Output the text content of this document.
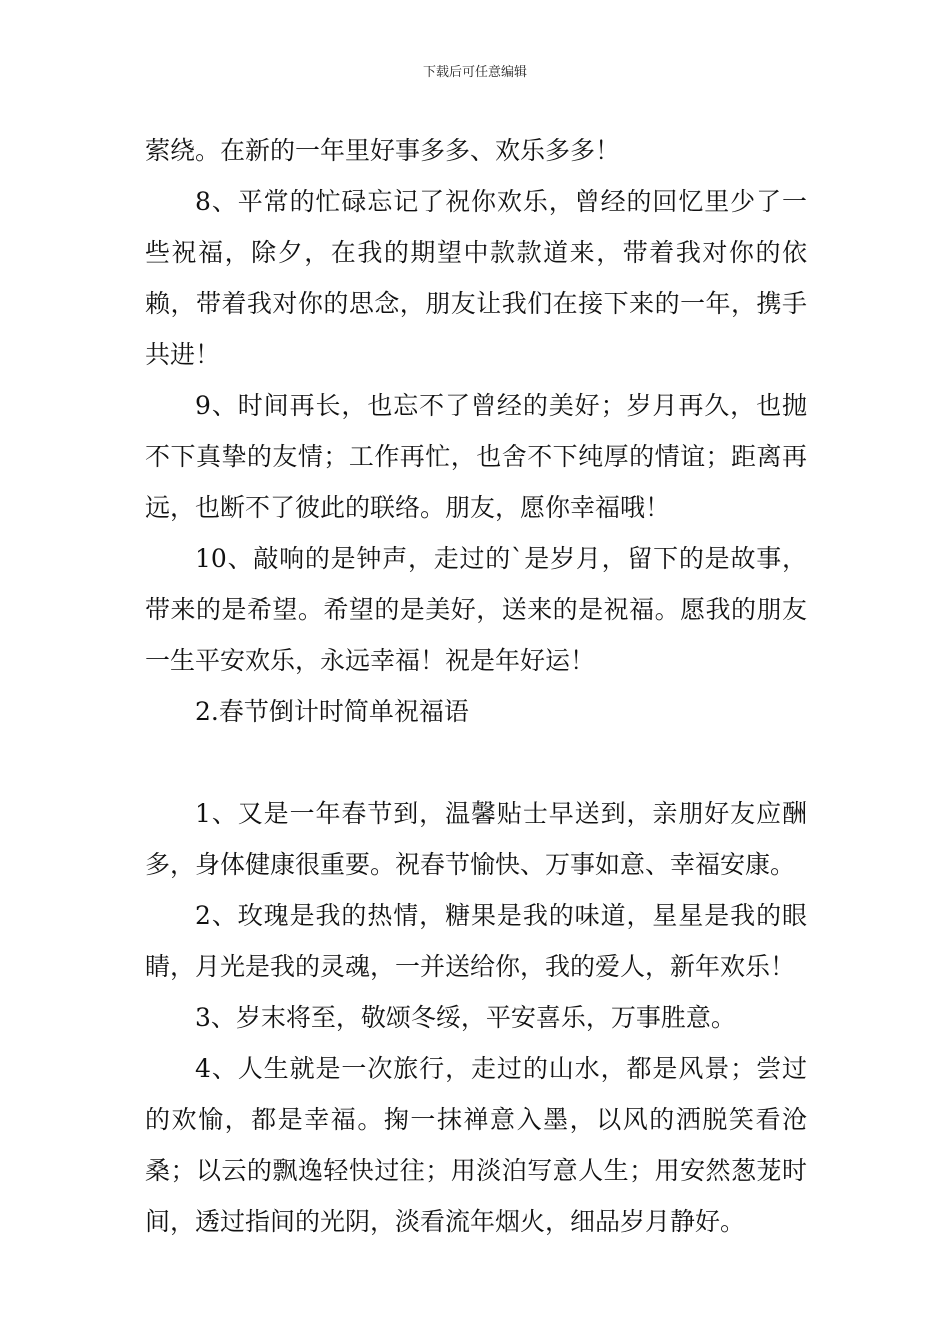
下载后可任意编辑

萦绕。在新的一年里好事多多、欢乐多多！

8、平常的忙碌忘记了祝你欢乐，曾经的回忆里少了一些祝福，除夕，在我的期望中款款道来，带着我对你的依赖，带着我对你的思念，朋友让我们在接下来的一年，携手共进！

9、时间再长，也忘不了曾经的美好；岁月再久，也抛不下真挚的友情；工作再忙，也舍不下纯厚的情谊；距离再远，也断不了彼此的联络。朋友，愿你幸福哦！

10、敲响的是钟声，走过的`是岁月，留下的是故事，带来的是希望。希望的是美好，送来的是祝福。愿我的朋友一生平安欢乐，永远幸福！祝是年好运！

2.春节倒计时简单祝福语

1、又是一年春节到，温馨贴士早送到，亲朋好友应酬多，身体健康很重要。祝春节愉快、万事如意、幸福安康。

2、玫瑰是我的热情，糖果是我的味道，星星是我的眼睛，月光是我的灵魂，一并送给你，我的爱人，新年欢乐！

3、岁末将至，敬颂冬绥，平安喜乐，万事胜意。

4、人生就是一次旅行，走过的山水，都是风景；尝过的欢愉，都是幸福。掬一抹禅意入墨，以风的洒脱笑看沧桑；以云的飘逸轻快过往；用淡泊写意人生；用安然葱茏时间，透过指间的光阴，淡看流年烟火，细品岁月静好。
